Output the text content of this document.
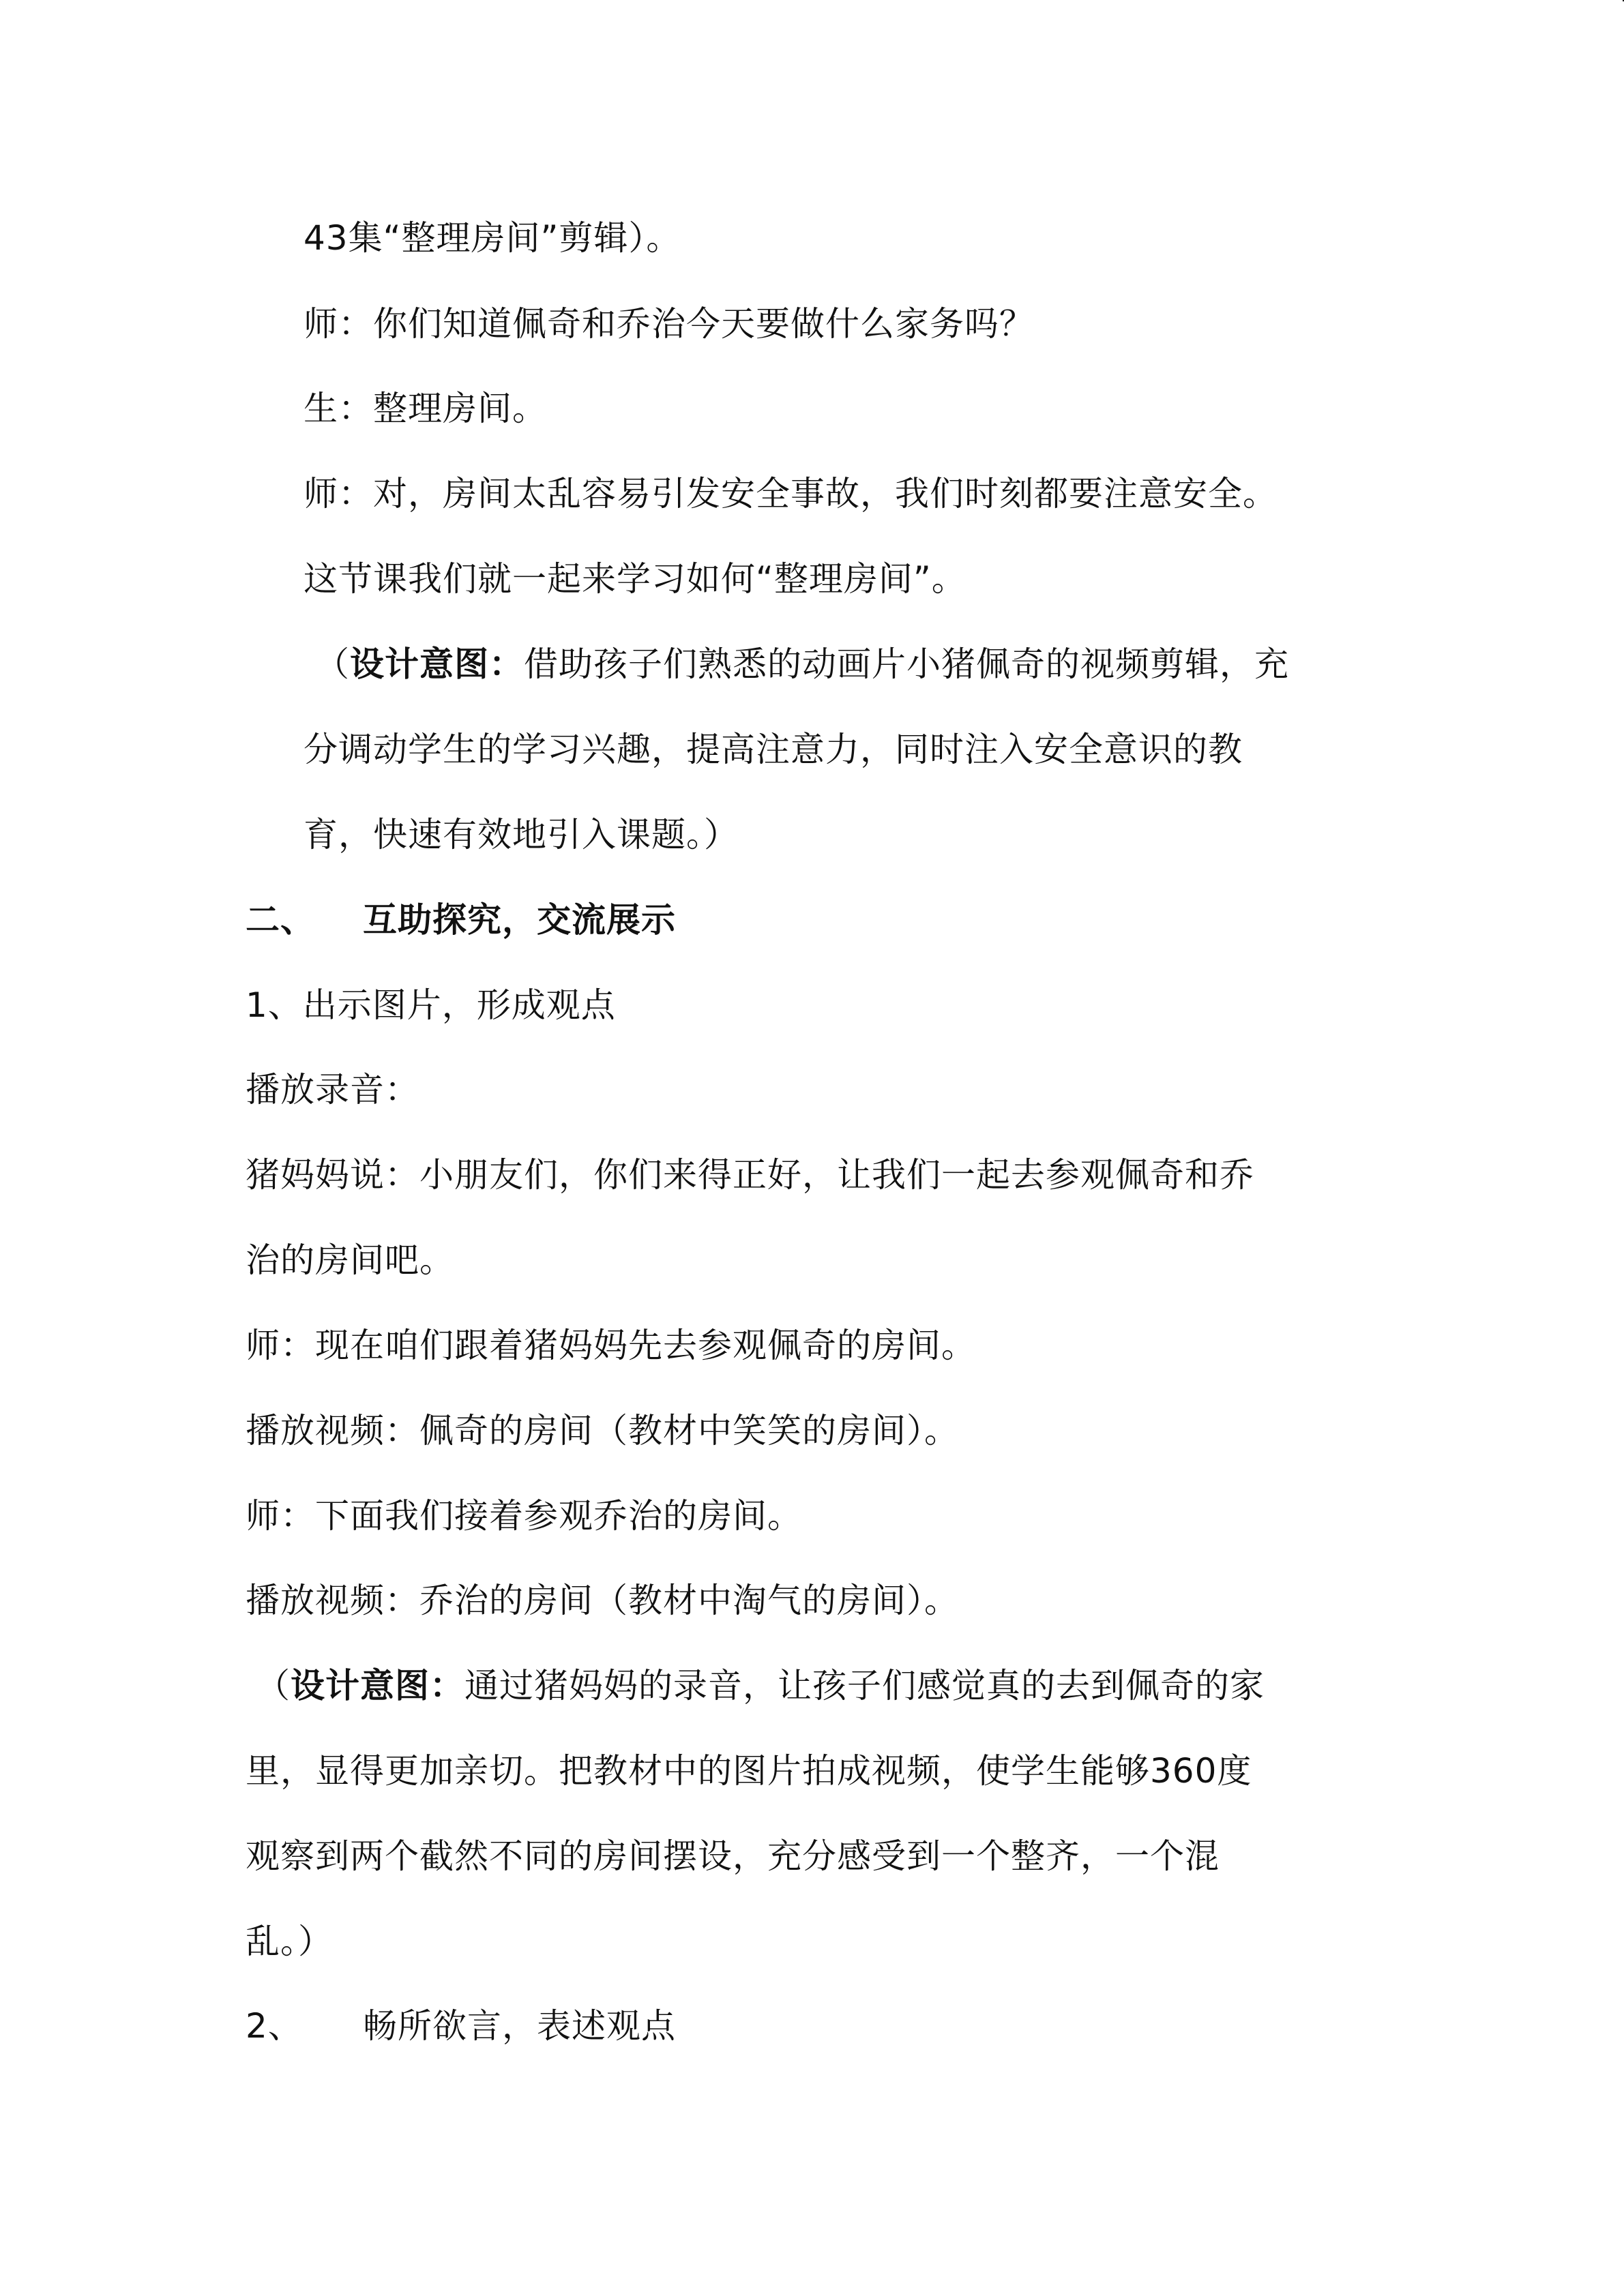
43集“整理房间”剪辑）。
师：你们知道佩奇和乔治今天要做什么家务吗？
生：整理房间。
师：对，房间太乱容易引发安全事故，我们时刻都要注意安全。
这节课我们就一起来学习如何“整理房间”。
（设计意图：借助孩子们熟悉的动画片小猪佩奇的视频剪辑，充
分调动学生的学习兴趣，提高注意力，同时注入安全意识的教
育，快速有效地引入课题。）
二、 互助探究，交流展示
1、出示图片，形成观点
播放录音：
猪妈妈说：小朋友们，你们来得正好，让我们一起去参观佩奇和乔
治的房间吧。
师：现在咱们跟着猪妈妈先去参观佩奇的房间。
播放视频：佩奇的房间（教材中笑笑的房间）。
师：下面我们接着参观乔治的房间。
播放视频：乔治的房间（教材中淘气的房间）。
（设计意图：通过猪妈妈的录音，让孩子们感觉真的去到佩奇的家
里，显得更加亲切。把教材中的图片拍成视频，使学生能够360度
观察到两个截然不同的房间摆设，充分感受到一个整齐，一个混
乱。）
2、 畅所欲言，表述观点
